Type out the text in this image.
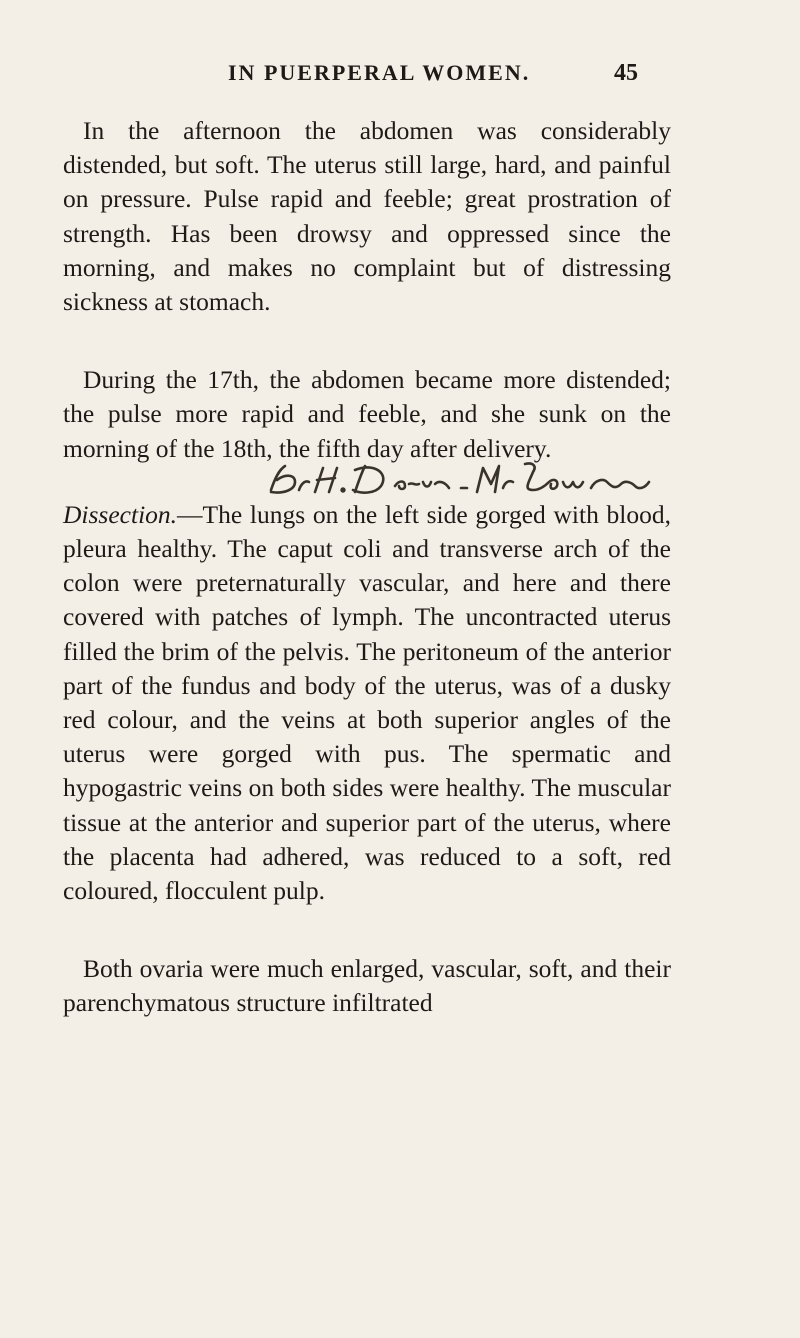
IN PUERPERAL WOMEN.	45

In the afternoon the abdomen was considerably distended, but soft. The uterus still large, hard, and painful on pressure. Pulse rapid and feeble; great prostration of strength. Has been drowsy and oppressed since the morning, and makes no complaint but of distressing sickness at stomach.

During the 17th, the abdomen became more distended; the pulse more rapid and feeble, and she sunk on the morning of the 18th, the fifth day after delivery.

Dissection.—The lungs on the left side gorged with blood, pleura healthy. The caput coli and transverse arch of the colon were preternaturally vascular, and here and there covered with patches of lymph. The uncontracted uterus filled the brim of the pelvis. The peritoneum of the anterior part of the fundus and body of the uterus, was of a dusky red colour, and the veins at both superior angles of the uterus were gorged with pus. The spermatic and hypogastric veins on both sides were healthy. The muscular tissue at the anterior and superior part of the uterus, where the placenta had adhered, was reduced to a soft, red coloured, flocculent pulp.

Both ovaria were much enlarged, vascular, soft, and their parenchymatous structure infiltrated
